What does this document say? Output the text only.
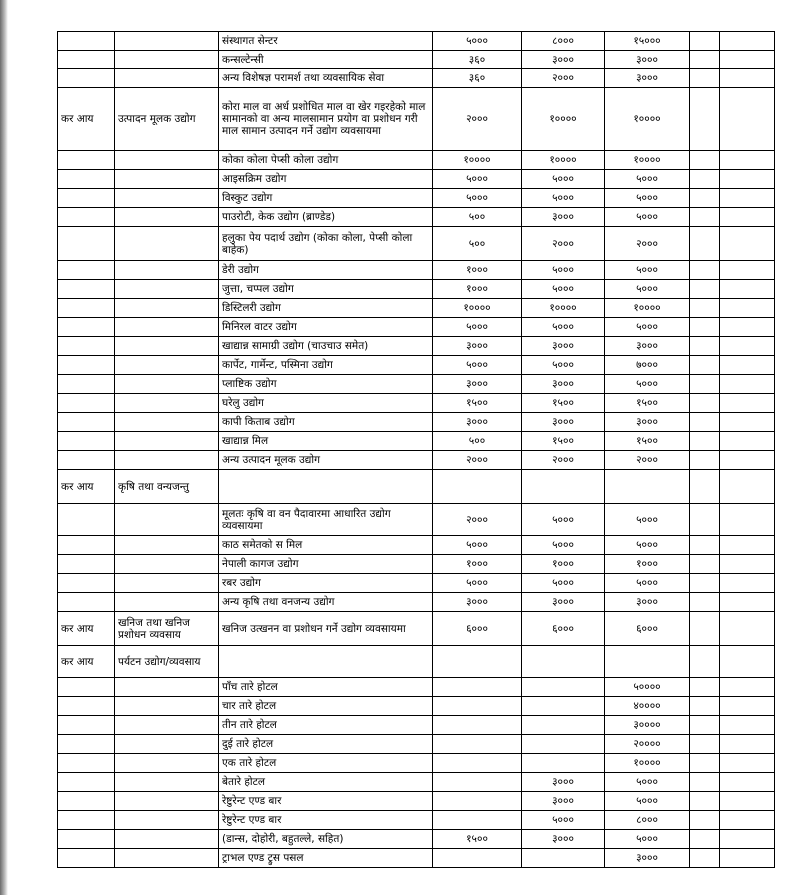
		संस्थागत सेन्टर	५०००	८०००	१५०००		
		कन्सल्टेन्सी	३६०	३०००	३०००		
		अन्य विशेषज्ञ परामर्श तथा व्यवसायिक सेवा	३६०	२०००	३०००		
कर आय	उत्पादन मूलक उद्योग	कोरा माल वा अर्ध प्रशोधित माल वा खेर गइरहेको माल सामानको वा अन्य मालसामान प्रयोग वा प्रशोधन गरी माल सामान उत्पादन गर्ने उद्योग व्यवसायमा	२०००	१००००	१००००		
		कोका कोला पेप्सी कोला उद्योग	१००००	१००००	१००००		
		आइसक्रिम उद्योग	५०००	५०००	५०००		
		विस्कुट उद्योग	५०००	५०००	५०००		
		पाउरोटी, केक उद्योग (ब्राण्डेड)	५००	३०००	५०००		
		हलुका पेय पदार्थ उद्योग (कोका कोला, पेप्सी कोला बाहेक)	५००	२०००	२०००		
		डेरी उद्योग	१०००	५०००	५०००		
		जुत्ता, चप्पल उद्योग	१०००	५०००	५०००		
		डिस्टिलरी उद्योग	१००००	१००००	१००००		
		मिनिरल वाटर उद्योग	५०००	५०००	५०००		
		खाद्यान्न सामाग्री उद्योग (चाउचाउ समेत)	३०००	३०००	३०००		
		कार्पेट, गार्मेन्ट, पस्मिना उद्योग	५०००	५०००	७०००		
		प्लाष्टिक उद्योग	३०००	३०००	५०००		
		घरेलु उद्योग	१५००	१५००	१५००		
		कापी किताब उद्योग	३०००	३०००	३०००		
		खाद्यान्न मिल	५००	१५००	१५००		
		अन्य उत्पादन मूलक उद्योग	२०००	२०००	२०००		
कर आय	कृषि तथा वन्यजन्तु						
		मूलतः कृषि वा वन पैदावारमा आधारित उद्योग व्यवसायमा	२०००	५०००	५०००		
		काठ समेतको स मिल	५०००	५०००	५०००		
		नेपाली कागज उद्योग	१०००	१०००	१०००		
		रबर उद्योग	५०००	५०००	५०००		
		अन्य कृषि तथा वनजन्य उद्योग	३०००	३०००	३०००		
कर आय	खनिज तथा खनिज प्रशोधन व्यवसाय	खनिज उत्खनन वा प्रशोधन गर्ने उद्योग व्यवसायमा	६०००	६०००	६०००		
कर आय	पर्यटन उद्योग/व्यवसाय						
		पाँच तारे होटल			५००००		
		चार तारे होटल			४००००		
		तीन तारे होटल			३००००		
		दुई तारे होटल			२००००		
		एक तारे होटल			१००००		
		बेतारे होटल		३०००	५०००		
		रेष्टुरेन्ट एण्ड बार		३०००	५०००		
		रेष्टुरेन्ट एण्ड बार		५०००	८०००		
		(डान्स, दोहोरी, बहुतल्ले, सहित)	१५००	३०००	५०००		
		ट्राभल एण्ड ट्रुस पसल			३०००		
